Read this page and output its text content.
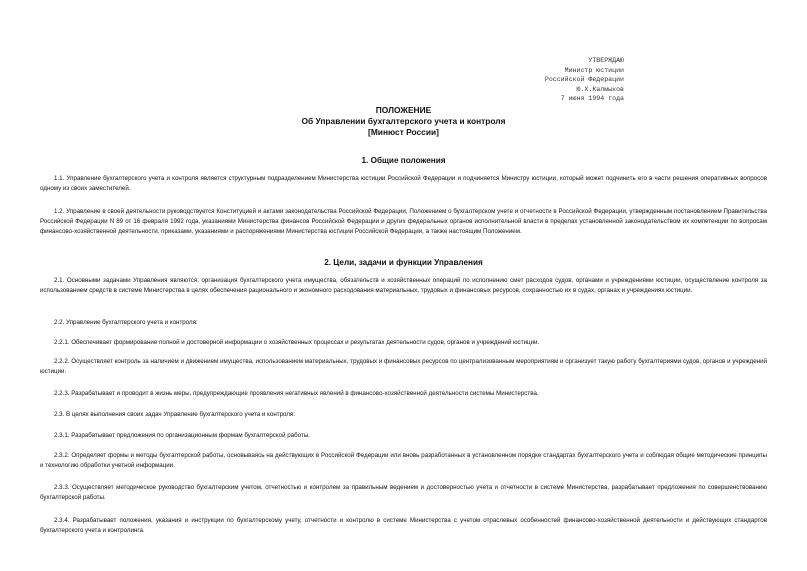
УТВЕРЖДАЮ
Министр юстиции
Российской Федерации
Ю.Х.Калмыков
7 июня 1994 года
ПОЛОЖЕНИЕ
Об Управлении бухгалтерского учета и контроля
[Минюст России]
1. Общие положения
1.1. Управление бухгалтерского учета и контроля является структурным подразделением Министерства юстиции Российской Федерации и подчиняется Министру юстиции, который может подчинить его в части решения оперативных вопросов одному из своих заместителей.
1.2. Управление в своей деятельности руководствуется Конституцией и актами законодательства Российской Федерации, Положением о бухгалтерском учете и отчетности в Российской Федерации, утвержденным постановлением Правительства Российской Федерации N 89 от 16 февраля 1992 года, указаниями Министерства финансов Российской Федерации и других федеральных органов исполнительной власти в пределах установленной законодательством их компетенции по вопросам финансово-хозяйственной деятельности, приказами, указаниями и распоряжениями Министерства юстиции Российской Федерации, а также настоящим Положением.
2. Цели, задачи и функции Управления
2.1. Основными задачами Управления являются: организация бухгалтерского учета имущества, обязательств и хозяйственных операций по исполнению смет расходов судов, органами и учреждениями юстиции, осуществление контроля за использованием средств в системе Министерства в целях обеспечения рационального и экономного расходования материальных, трудовых и финансовых ресурсов, сохранностью их в судах, органах и учреждениях юстиции.
2.2. Управление бухгалтерского учета и контроля:
2.2.1. Обеспечивает формирование полной и достоверной информации о хозяйственных процессах и результатах деятельности судов, органов и учреждений юстиции.
2.2.2. Осуществляет контроль за наличием и движением имущества, использованием материальных, трудовых и финансовых ресурсов по централизованным мероприятиям и организует такую работу бухгалтериями судов, органов и учреждений юстиции.
2.2.3. Разрабатывает и проводит в жизнь меры, предупреждающие проявления негативных явлений в финансово-хозяйственной деятельности системы Министерства.
2.3. В целях выполнения своих задач Управление бухгалтерского учета и контроля:
2.3.1. Разрабатывает предложения по организационным формам бухгалтерской работы.
2.3.2. Определяет формы и методы бухгалтерской работы, основываясь на действующих в Российской Федерации или вновь разработанных в установленном порядке стандартах бухгалтерского учета и соблюдая общие методические принципы и технологию обработки учетной информации.
2.3.3. Осуществляет методическое руководство бухгалтерским учетом, отчетностью и контролем за правильным ведением и достоверностью учета и отчетности в системе Министерства, разрабатывает предложения по совершенствованию бухгалтерской работы.
2.3.4. Разрабатывает положения, указания и инструкции по бухгалтерскому учету, отчетности и контролю в системе Министерства с учетом отраслевых особенностей финансово-хозяйственной деятельности и действующих стандартов бухгалтерского учета и контролинга.
